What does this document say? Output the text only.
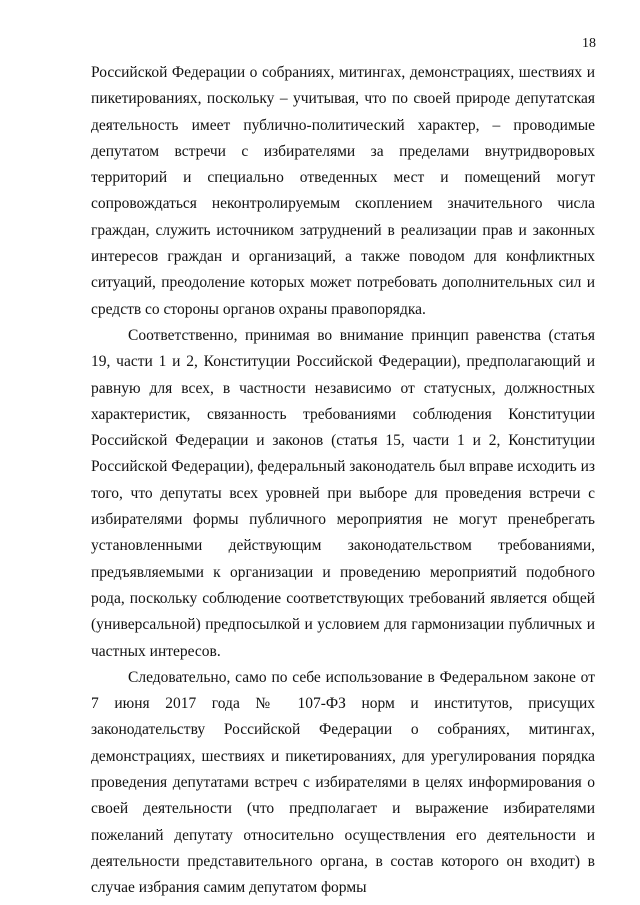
18

Российской Федерации о собраниях, митингах, демонстрациях, шествиях и пикетированиях, поскольку – учитывая, что по своей природе депутатская деятельность имеет публично-политический характер, – проводимые депутатом встречи с избирателями за пределами внутридворовых территорий и специально отведенных мест и помещений могут сопровождаться неконтролируемым скоплением значительного числа граждан, служить источником затруднений в реализации прав и законных интересов граждан и организаций, а также поводом для конфликтных ситуаций, преодоление которых может потребовать дополнительных сил и средств со стороны органов охраны правопорядка.

Соответственно, принимая во внимание принцип равенства (статья 19, части 1 и 2, Конституции Российской Федерации), предполагающий и равную для всех, в частности независимо от статусных, должностных характеристик, связанность требованиями соблюдения Конституции Российской Федерации и законов (статья 15, части 1 и 2, Конституции Российской Федерации), федеральный законодатель был вправе исходить из того, что депутаты всех уровней при выборе для проведения встречи с избирателями формы публичного мероприятия не могут пренебрегать установленными действующим законодательством требованиями, предъявляемыми к организации и проведению мероприятий подобного рода, поскольку соблюдение соответствующих требований является общей (универсальной) предпосылкой и условием для гармонизации публичных и частных интересов.

Следовательно, само по себе использование в Федеральном законе от 7 июня 2017 года № 107-ФЗ норм и институтов, присущих законодательству Российской Федерации о собраниях, митингах, демонстрациях, шествиях и пикетированиях, для урегулирования порядка проведения депутатами встреч с избирателями в целях информирования о своей деятельности (что предполагает и выражение избирателями пожеланий депутату относительно осуществления его деятельности и деятельности представительного органа, в состав которого он входит) в случае избрания самим депутатом формы
